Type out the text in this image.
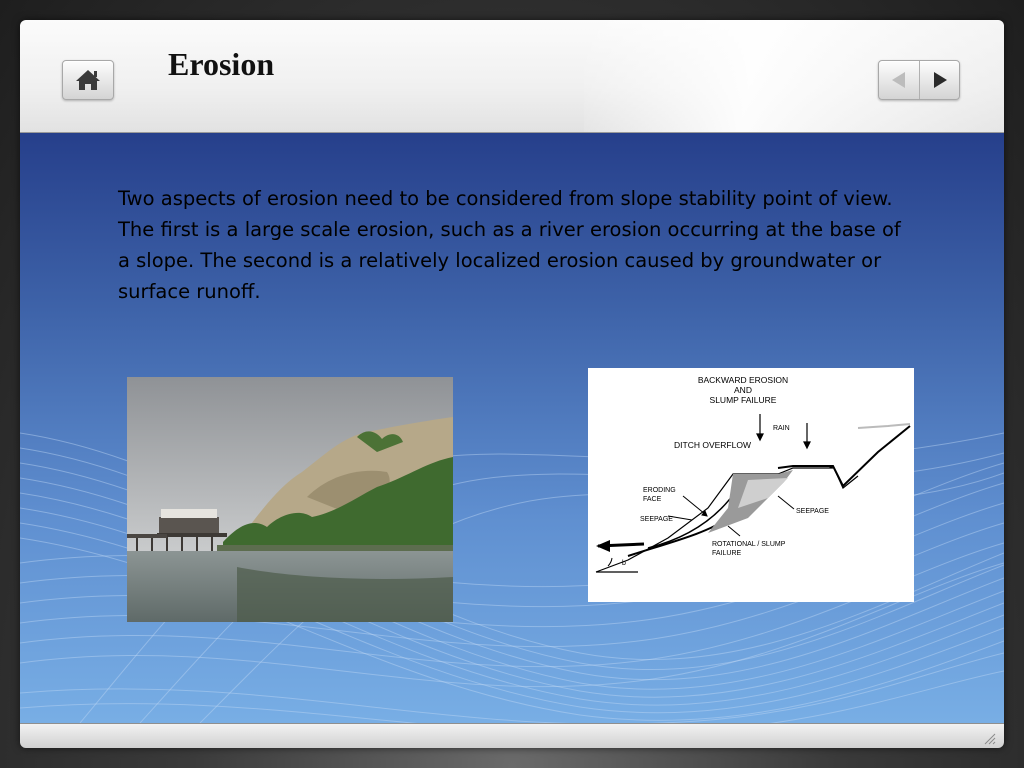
Erosion

Two aspects of erosion need to be considered from slope stability point of view. The first is a large scale erosion, such as a river erosion occurring at the base of a slope. The second is a relatively localized erosion caused by groundwater or surface runoff.

BACKWARD EROSION
AND
SLUMP FAILURE
RAIN
DITCH OVERFLOW
ERODING
FACE
SEEPAGE
SEEPAGE
ROTATIONAL / SLUMP
FAILURE
b
